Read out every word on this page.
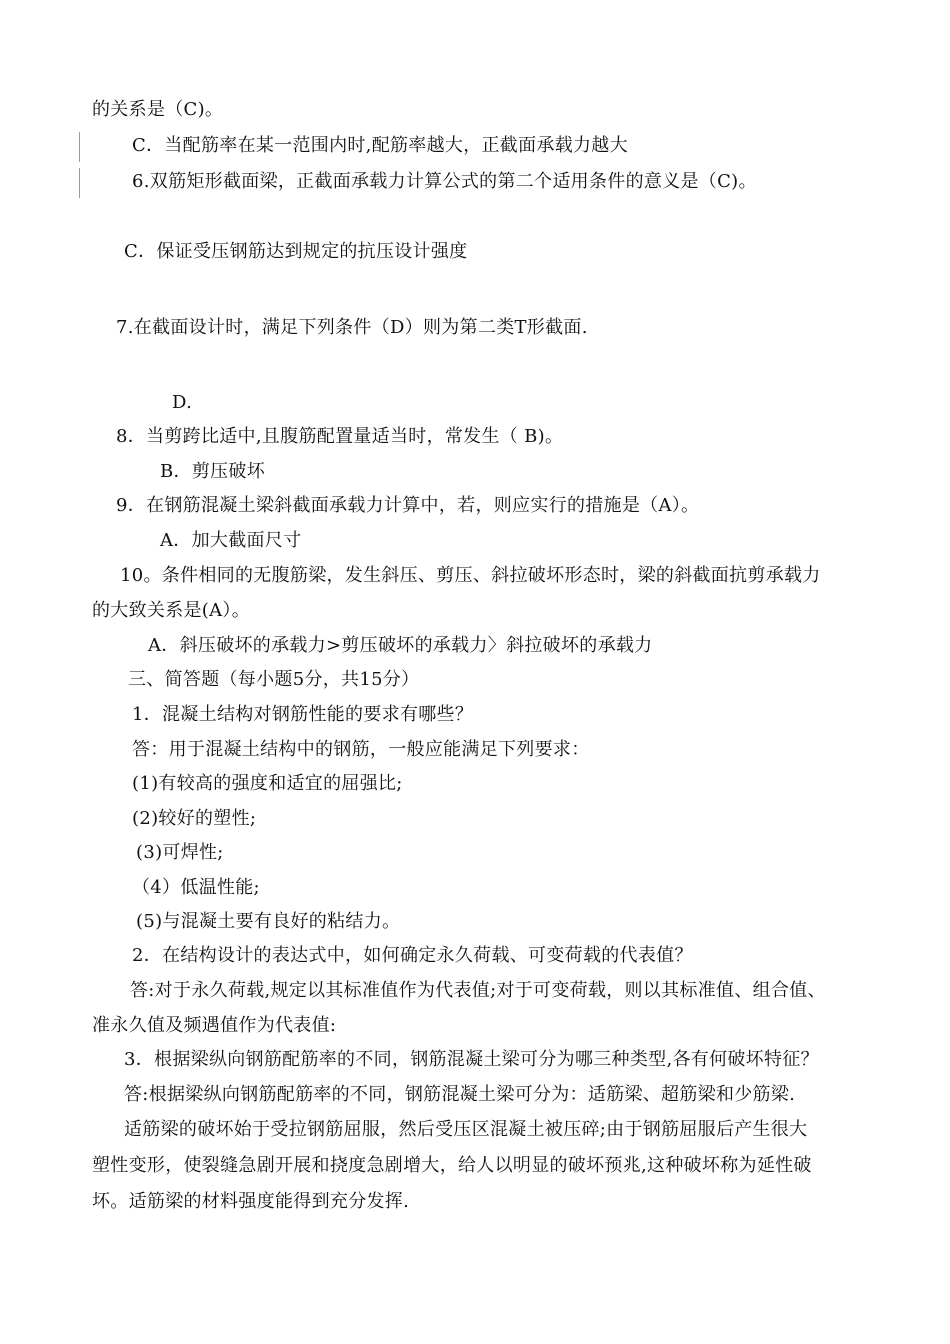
的关系是（C)。
C．当配筋率在某一范围内时,配筋率越大，正截面承载力越大
6.双筋矩形截面梁，正截面承载力计算公式的第二个适用条件的意义是（C)。
C．保证受压钢筋达到规定的抗压设计强度
7.在截面设计时，满足下列条件（D）则为第二类T形截面.
D.
8．当剪跨比适中,且腹筋配置量适当时，常发生（ B)。
B．剪压破坏
9．在钢筋混凝土梁斜截面承载力计算中，若，则应实行的措施是（A）。
A．加大截面尺寸
10。条件相同的无腹筋梁，发生斜压、剪压、斜拉破坏形态时，梁的斜截面抗剪承载力
的大致关系是(A）。
A．斜压破坏的承载力>剪压破坏的承载力〉斜拉破坏的承载力
三、简答题（每小题5分，共15分）
1．混凝土结构对钢筋性能的要求有哪些？
答：用于混凝土结构中的钢筋，一般应能满足下列要求：
(1)有较高的强度和适宜的屈强比;
(2)较好的塑性;
(3)可焊性;
（4）低温性能;
(5)与混凝土要有良好的粘结力。
2．在结构设计的表达式中，如何确定永久荷载、可变荷载的代表值？
答:对于永久荷载,规定以其标准值作为代表值;对于可变荷载，则以其标准值、组合值、
准永久值及频遇值作为代表值:
3．根据梁纵向钢筋配筋率的不同，钢筋混凝土梁可分为哪三种类型,各有何破坏特征？
答:根据梁纵向钢筋配筋率的不同，钢筋混凝土梁可分为：适筋梁、超筋梁和少筋梁.
适筋梁的破坏始于受拉钢筋屈服，然后受压区混凝土被压碎;由于钢筋屈服后产生很大
塑性变形，使裂缝急剧开展和挠度急剧增大，给人以明显的破坏预兆,这种破坏称为延性破
坏。适筋梁的材料强度能得到充分发挥.
